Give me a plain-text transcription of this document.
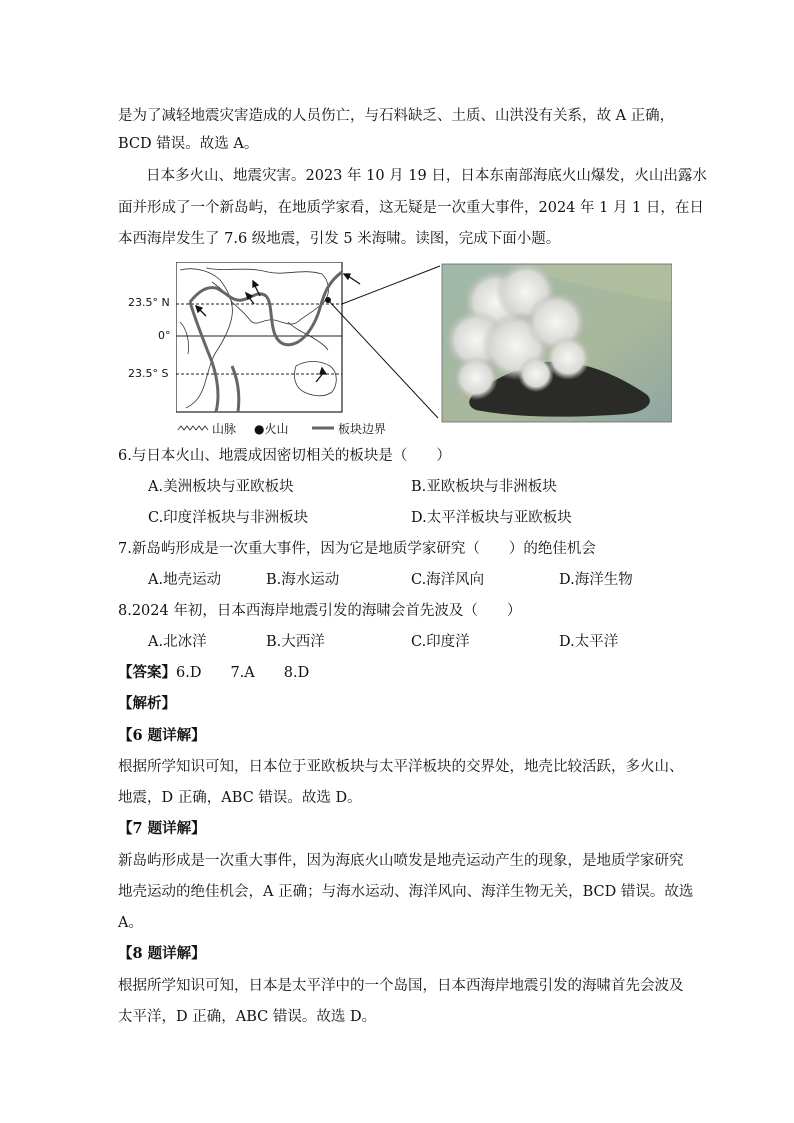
是为了减轻地震灾害造成的人员伤亡，与石料缺乏、土质、山洪没有关系，故 A 正确，
BCD 错误。故选 A。
日本多火山、地震灾害。2023 年 10 月 19 日，日本东南部海底火山爆发，火山出露水
面并形成了一个新岛屿，在地质学家看，这无疑是一次重大事件，2024 年 1 月 1 日，在日
本西海岸发生了 7.6 级地震，引发 5 米海啸。读图，完成下面小题。
23.5° N
0°
23.5° S
山脉 ●火山	板块边界
6.与日本火山、地震成因密切相关的板块是（　　）
A.美洲板块与亚欧板块	B.亚欧板块与非洲板块
C.印度洋板块与非洲板块	D.太平洋板块与亚欧板块
7.新岛屿形成是一次重大事件，因为它是地质学家研究（　　）的绝佳机会
A.地壳运动	B.海水运动	C.海洋风向	D.海洋生物
8.2024 年初，日本西海岸地震引发的海啸会首先波及（　　）
A.北冰洋	B.大西洋	C.印度洋	D.太平洋
【答案】6.D　　7.A　　8.D
【解析】
【6 题详解】
根据所学知识可知，日本位于亚欧板块与太平洋板块的交界处，地壳比较活跃，多火山、
地震，D 正确，ABC 错误。故选 D。
【7 题详解】
新岛屿形成是一次重大事件，因为海底火山喷发是地壳运动产生的现象，是地质学家研究
地壳运动的绝佳机会，A 正确；与海水运动、海洋风向、海洋生物无关，BCD 错误。故选
A。
【8 题详解】
根据所学知识可知，日本是太平洋中的一个岛国，日本西海岸地震引发的海啸首先会波及
太平洋，D 正确，ABC 错误。故选 D。
